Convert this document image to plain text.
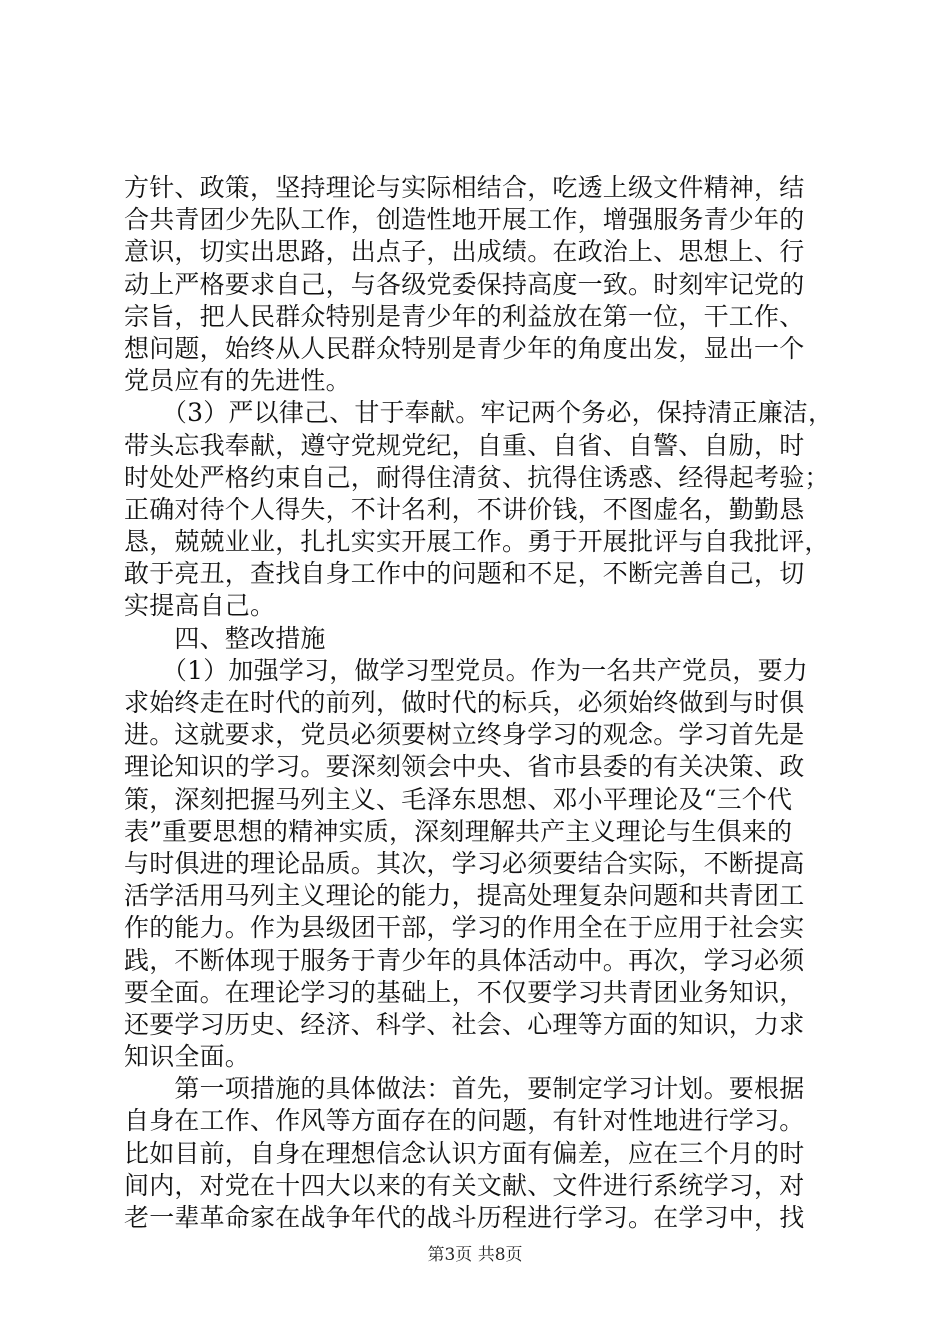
方针、政策，坚持理论与实际相结合，吃透上级文件精神，结
合共青团少先队工作，创造性地开展工作，增强服务青少年的
意识，切实出思路，出点子，出成绩。在政治上、思想上、行
动上严格要求自己，与各级党委保持高度一致。时刻牢记党的
宗旨，把人民群众特别是青少年的利益放在第一位，干工作、
想问题，始终从人民群众特别是青少年的角度出发，显出一个
党员应有的先进性。
　　（3）严以律己、甘于奉献。牢记两个务必，保持清正廉洁，
带头忘我奉献，遵守党规党纪，自重、自省、自警、自励，时
时处处严格约束自己，耐得住清贫、抗得住诱惑、经得起考验；
正确对待个人得失，不计名利，不讲价钱，不图虚名，勤勤恳
恳，兢兢业业，扎扎实实开展工作。勇于开展批评与自我批评，
敢于亮丑，查找自身工作中的问题和不足，不断完善自己，切
实提高自己。
　　四、整改措施
　　（1）加强学习，做学习型党员。作为一名共产党员，要力
求始终走在时代的前列，做时代的标兵，必须始终做到与时俱
进。这就要求，党员必须要树立终身学习的观念。学习首先是
理论知识的学习。要深刻领会中央、省市县委的有关决策、政
策，深刻把握马列主义、毛泽东思想、邓小平理论及“三个代
表”重要思想的精神实质，深刻理解共产主义理论与生俱来的
与时俱进的理论品质。其次，学习必须要结合实际，不断提高
活学活用马列主义理论的能力，提高处理复杂问题和共青团工
作的能力。作为县级团干部，学习的作用全在于应用于社会实
践，不断体现于服务于青少年的具体活动中。再次，学习必须
要全面。在理论学习的基础上，不仅要学习共青团业务知识，
还要学习历史、经济、科学、社会、心理等方面的知识，力求
知识全面。
　　第一项措施的具体做法：首先，要制定学习计划。要根据
自身在工作、作风等方面存在的问题，有针对性地进行学习。
比如目前，自身在理想信念认识方面有偏差，应在三个月的时
间内，对党在十四大以来的有关文献、文件进行系统学习，对
老一辈革命家在战争年代的战斗历程进行学习。在学习中，找
第3页 共8页
